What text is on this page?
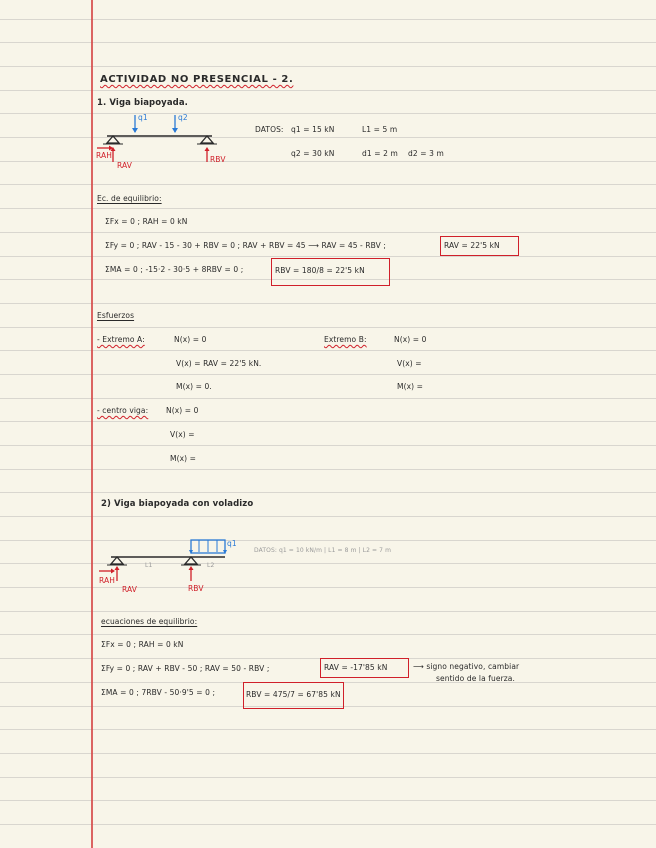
ACTIVIDAD NO PRESENCIAL - 2.
1. Viga biapoyada.
q1	q2
RAH
RAV
RBV
DATOS: q1 = 15 kN	L1 = 5 m
q2 = 30 kN	d1 = 2 m d2 = 3 m
Ec. de equilibrio:
ΣFx = 0 ; RAH = 0 kN
ΣFy = 0 ; RAV - 15 - 30 + RBV = 0 ; RAV + RBV = 45 ⟶ RAV = 45 - RBV ;	RAV = 22'5 kN
ΣMA = 0 ; -15·2 - 30·5 + 8RBV = 0 ;	RBV = 180/8 = 22'5 kN
Esfuerzos
- Extremo A:	N(x) = 0
V(x) = RAV = 22'5 kN.
M(x) = 0.
Extremo B:	N(x) = 0
V(x) =
M(x) =
- centro viga: N(x) = 0
V(x) =
M(x) =
2) Viga biapoyada con voladizo
q1
L1	L2
RAH
RAV	RBV
DATOS: q1 = 10 kN/m | L1 = 8 m | L2 = 7 m
ecuaciones de equilibrio:
ΣFx = 0 ; RAH = 0 kN
ΣFy = 0 ; RAV + RBV - 50 ; RAV = 50 - RBV ;	RAV = -17'85 kN	⟶ signo negativo, cambiar
sentido de la fuerza.
ΣMA = 0 ; 7RBV - 50·9'5 = 0 ;	RBV = 475/7 = 67'85 kN
